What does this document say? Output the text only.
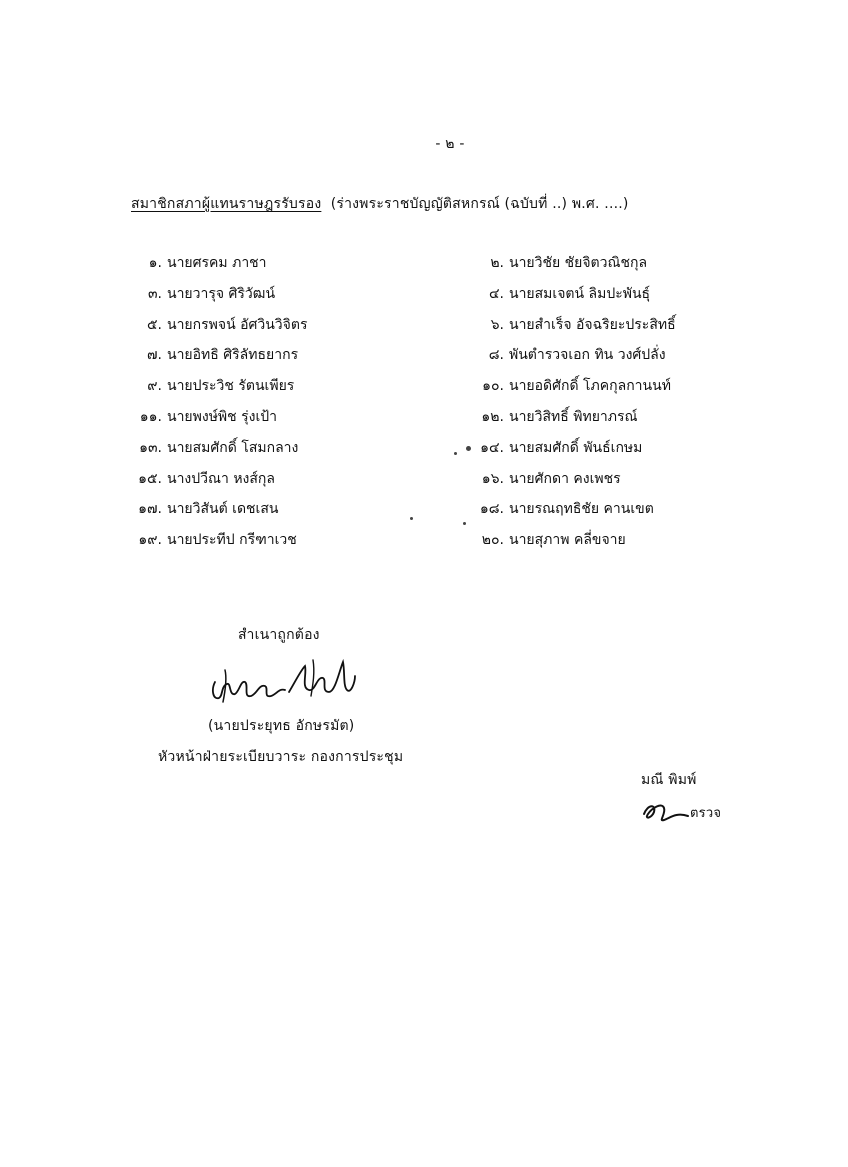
- ๒ -
สมาชิกสภาผู้แทนราษฎรรับรอง (ร่างพระราชบัญญัติสหกรณ์ (ฉบับที่ ..) พ.ศ. ....)
๑. นายศรคม ภาชา
๓. นายวารุจ ศิริวัฒน์
๕. นายกรพจน์ อัศวินวิจิตร
๗. นายอิทธิ ศิริลัทธยากร
๙. นายประวิช รัตนเพียร
๑๑. นายพงษ์พิช รุ่งเป้า
๑๓. นายสมศักดิ์ โสมกลาง
๑๕. นางปวีณา หงส์กุล
๑๗. นายวิสันต์ เดชเสน
๑๙. นายประทีป กรีฑาเวช
๒. นายวิชัย ชัยจิตวณิชกุล
๔. นายสมเจตน์ ลิมปะพันธุ์
๖. นายสำเร็จ อัจฉริยะประสิทธิ์
๘. พันตำรวจเอก ทิน วงศ์ปลั่ง
๑๐. นายอดิศักดิ์ โภคกุลกานนท์
๑๒. นายวิสิทธิ์ พิทยาภรณ์
๑๔. นายสมศักดิ์ พันธ์เกษม
๑๖. นายศักดา คงเพชร
๑๘. นายรณฤทธิชัย คานเขต
๒๐. นายสุภาพ คลี่ขจาย
สำเนาถูกต้อง
(นายประยุทธ อักษรมัต)
หัวหน้าฝ่ายระเบียบวาระ กองการประชุม
มณี พิมพ์
ตรวจ
